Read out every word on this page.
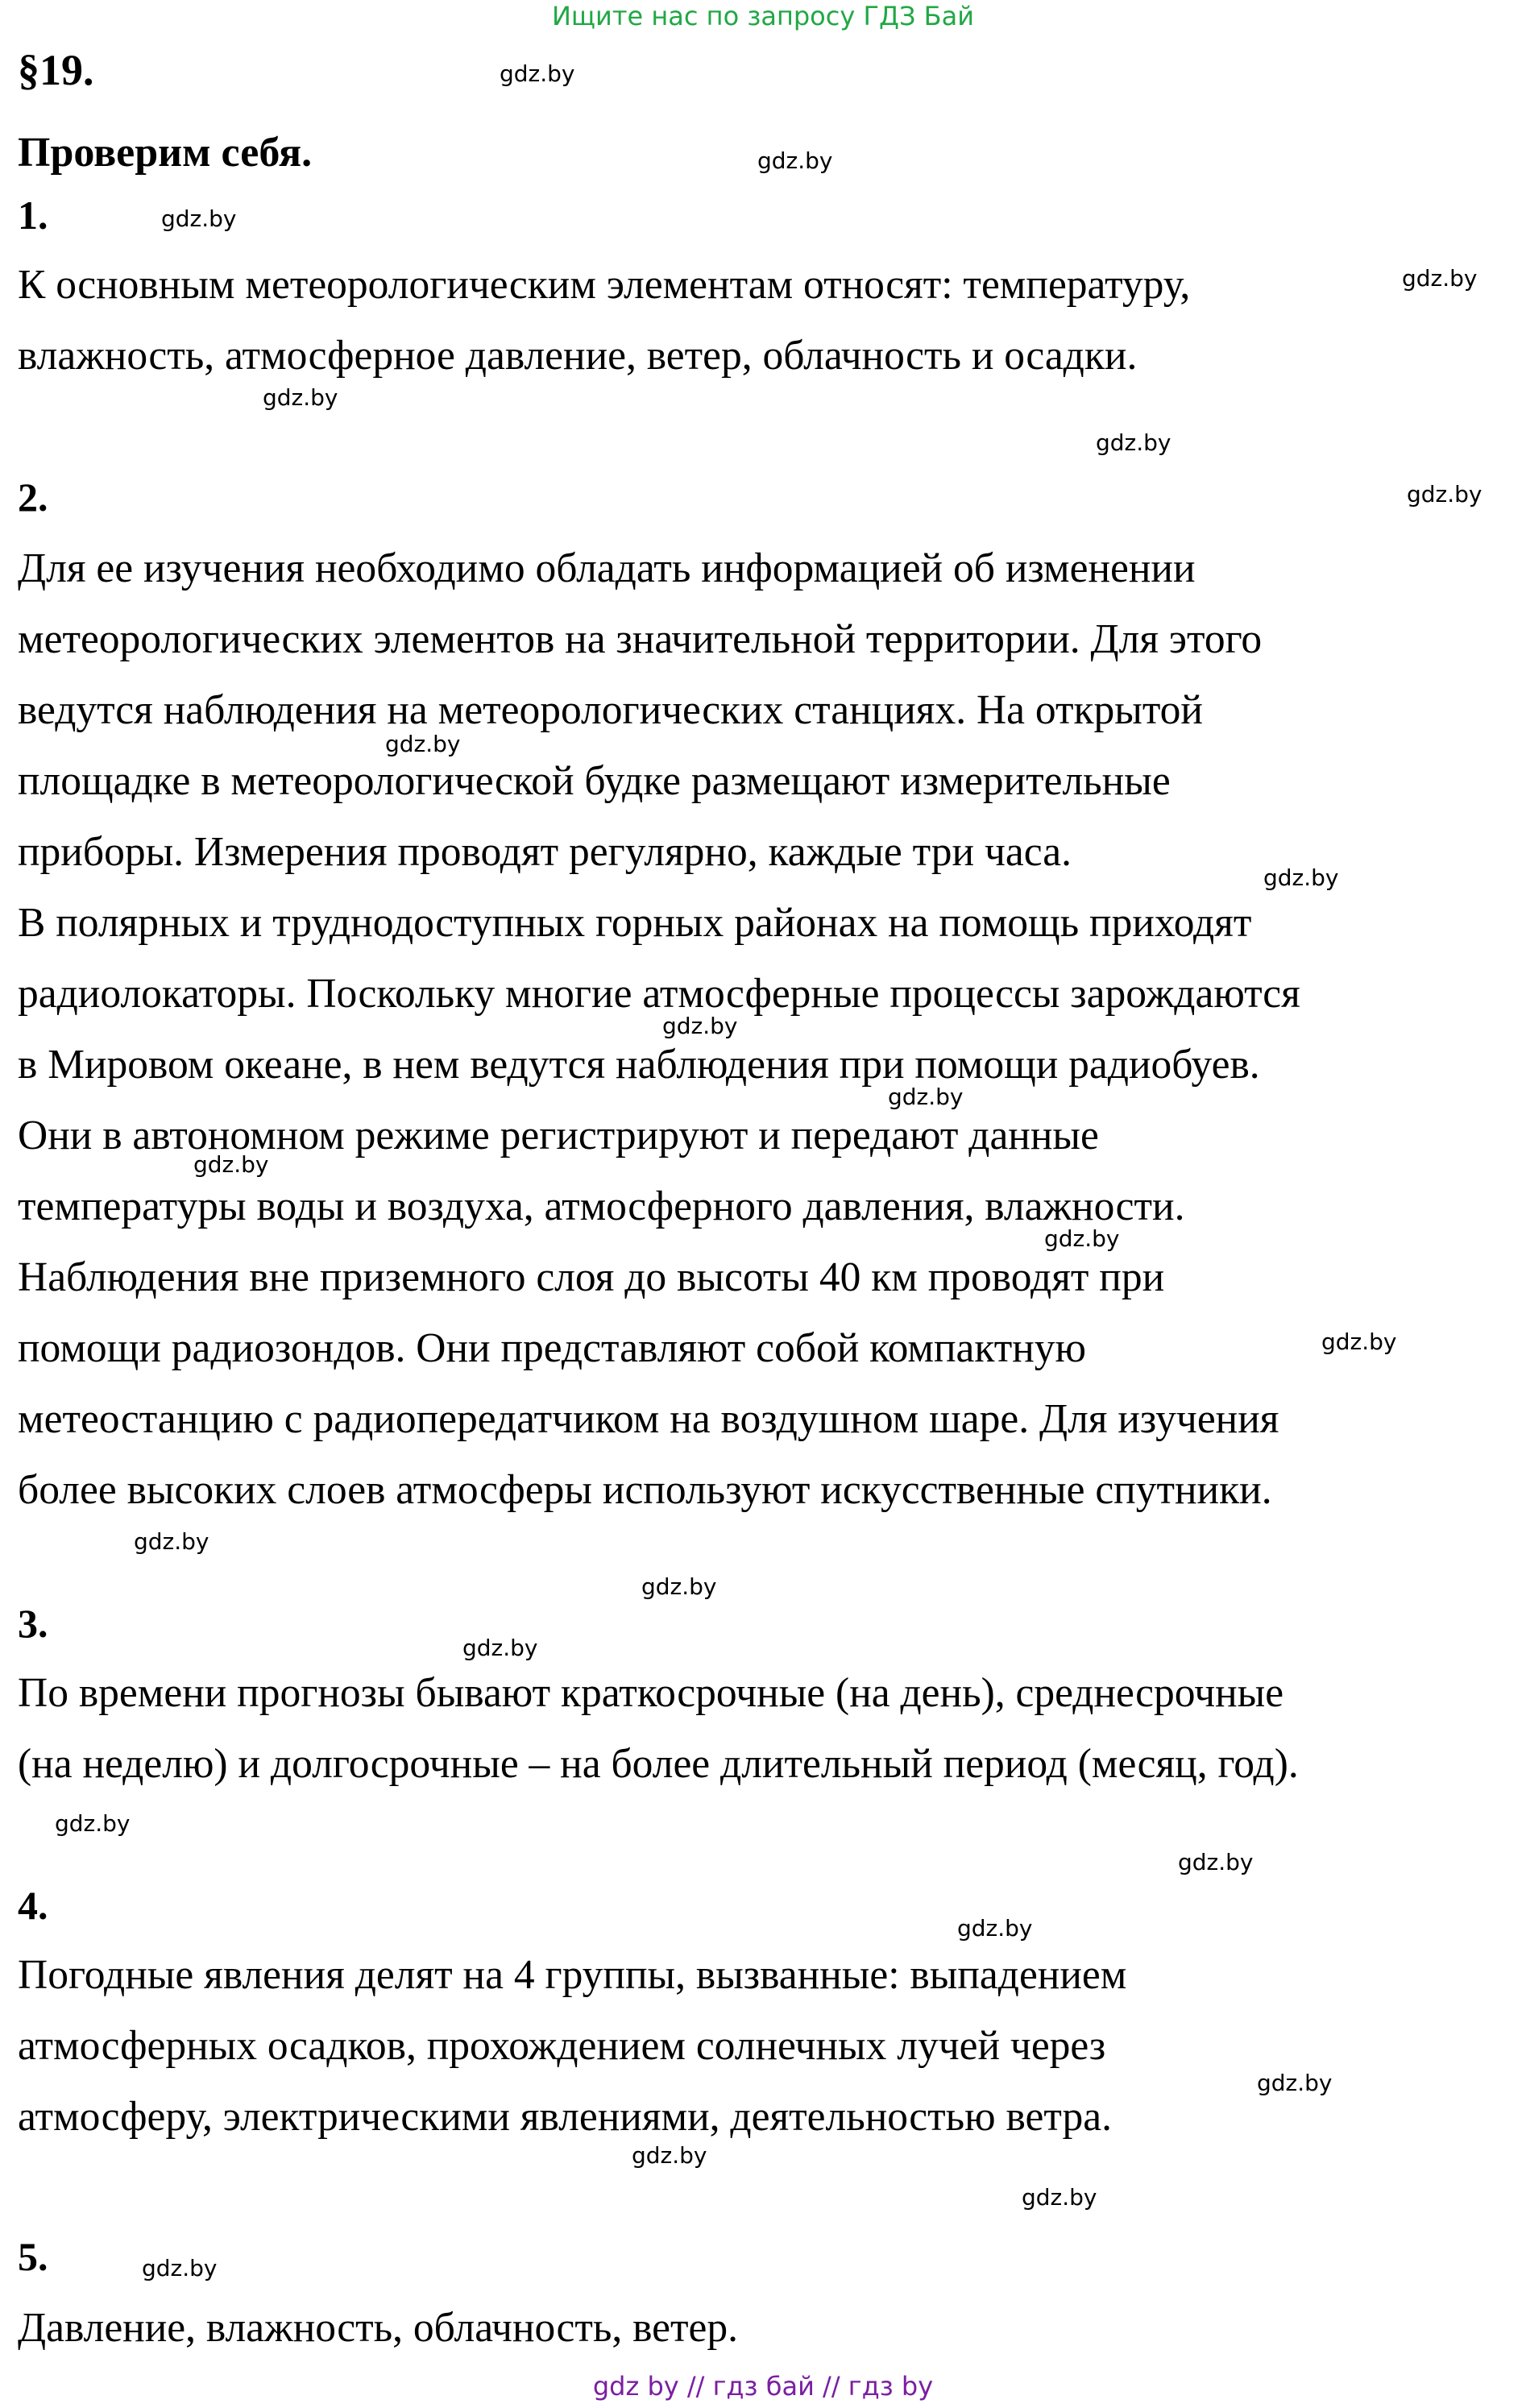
Ищите нас по запросу ГДЗ Бай
§19.
Проверим себя.
1.
К основным метеорологическим элементам относят: температуру,
влажность, атмосферное давление, ветер, облачность и осадки.
2.
Для ее изучения необходимо обладать информацией об изменении
метеорологических элементов на значительной территории. Для этого
ведутся наблюдения на метеорологических станциях. На открытой
площадке в метеорологической будке размещают измерительные
приборы. Измерения проводят регулярно, каждые три часа.
В полярных и труднодоступных горных районах на помощь приходят
радиолокаторы. Поскольку многие атмосферные процессы зарождаются
в Мировом океане, в нем ведутся наблюдения при помощи радиобуев.
Они в автономном режиме регистрируют и передают данные
температуры воды и воздуха, атмосферного давления, влажности.
Наблюдения вне приземного слоя до высоты 40 км проводят при
помощи радиозондов. Они представляют собой компактную
метеостанцию с радиопередатчиком на воздушном шаре. Для изучения
более высоких слоев атмосферы используют искусственные спутники.
3.
По времени прогнозы бывают краткосрочные (на день), среднесрочные
(на неделю) и долгосрочные – на более длительный период (месяц, год).
4.
Погодные явления делят на 4 группы, вызванные: выпадением
атмосферных осадков, прохождением солнечных лучей через
атмосферу, электрическими явлениями, деятельностью ветра.
5.
Давление, влажность, облачность, ветер.
gdz.by
gdz.by
gdz.by
gdz.by
gdz.by
gdz.by
gdz.by
gdz.by
gdz.by
gdz.by
gdz.by
gdz.by
gdz.by
gdz.by
gdz.by
gdz.by
gdz.by
gdz.by
gdz.by
gdz.by
gdz.by
gdz.by
gdz.by
gdz.by
gdz by // гдз бай // гдз by
